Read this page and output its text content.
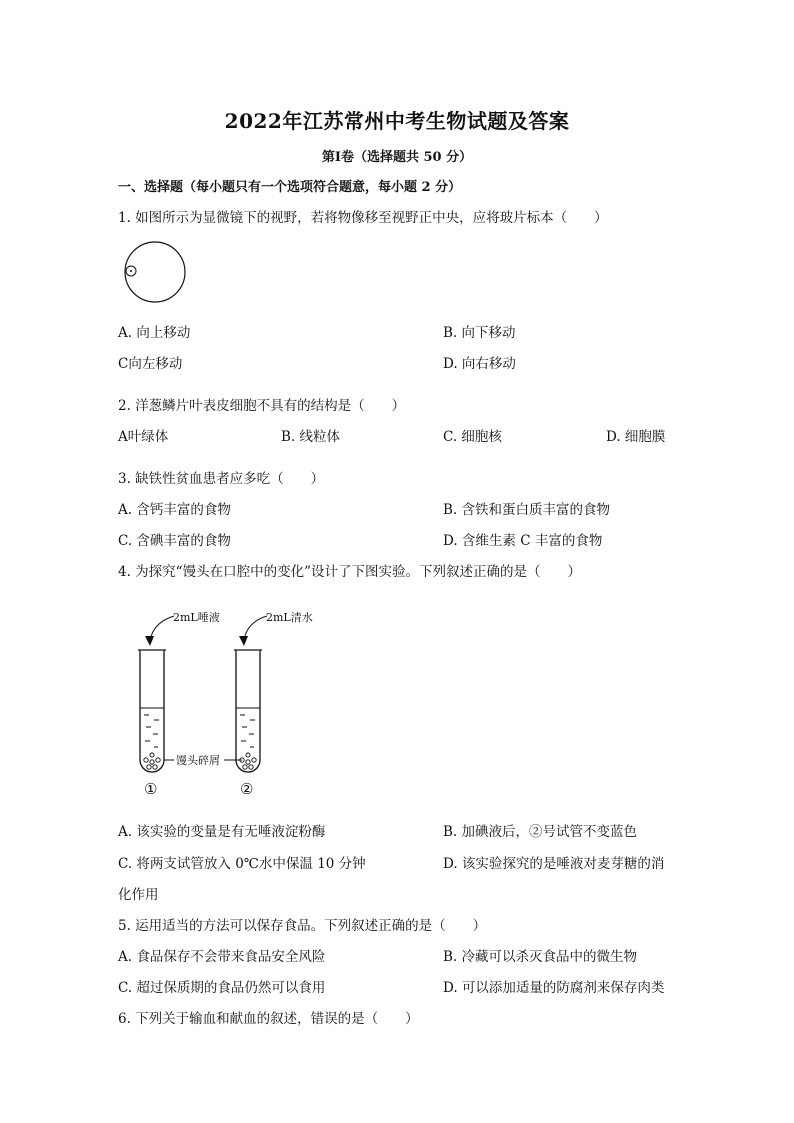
2022年江苏常州中考生物试题及答案
第Ⅰ卷（选择题共 50 分）
一、选择题（每小题只有一个选项符合题意，每小题 2 分）
1. 如图所示为显微镜下的视野，若将物像移至视野正中央，应将玻片标本（　　）
A. 向上移动	B. 向下移动
C向左移动	D. 向右移动
2. 洋葱鳞片叶表皮细胞不具有的结构是（　　）
A叶绿体	B. 线粒体	C. 细胞核	D. 细胞膜
3. 缺铁性贫血患者应多吃（　　）
A. 含钙丰富的食物	B. 含铁和蛋白质丰富的食物
C. 含碘丰富的食物	D. 含维生素 C 丰富的食物
4. 为探究“馒头在口腔中的变化”设计了下图实验。下列叙述正确的是（　　）
2mL唾液	2mL清水
馒头碎屑
①	②
A. 该实验的变量是有无唾液淀粉酶	B. 加碘液后，②号试管不变蓝色
C. 将两支试管放入 0℃水中保温 10 分钟	D. 该实验探究的是唾液对麦芽糖的消
化作用
5. 运用适当的方法可以保存食品。下列叙述正确的是（　　）
A. 食品保存不会带来食品安全风险	B. 冷藏可以杀灭食品中的微生物
C. 超过保质期的食品仍然可以食用	D. 可以添加适量的防腐剂来保存肉类
6. 下列关于输血和献血的叙述，错误的是（　　）
